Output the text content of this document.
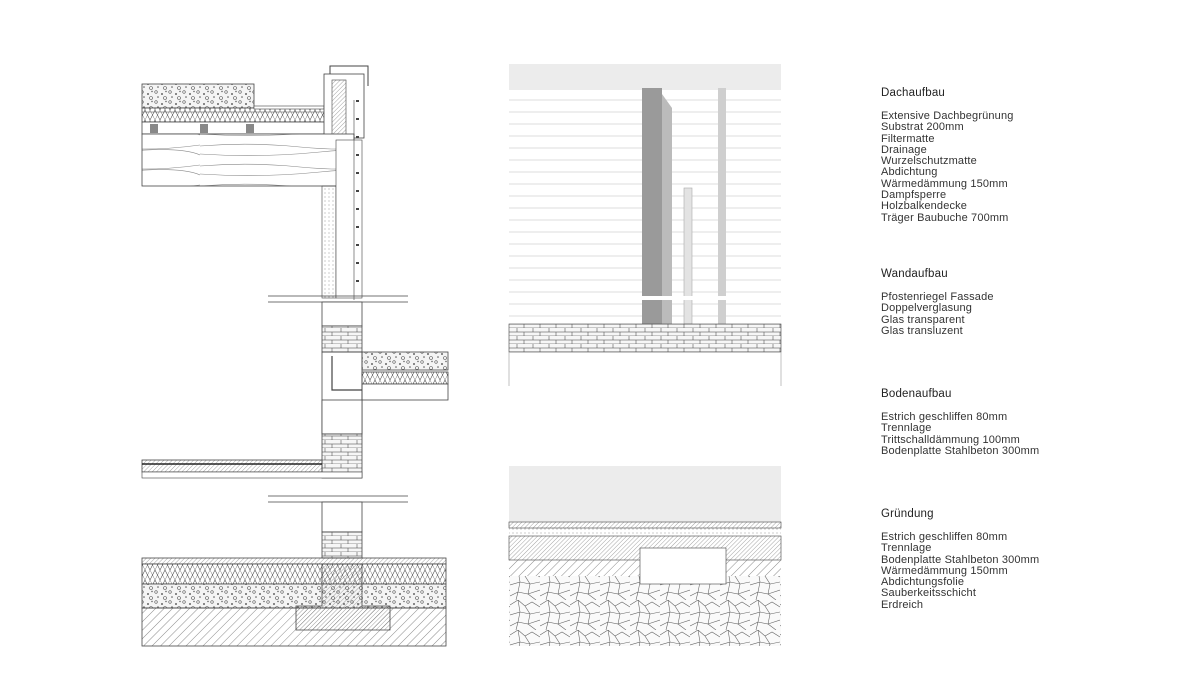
Dachaufbau
Extensive Dachbegrünung
Substrat 200mm
Filtermatte
Drainage
Wurzelschutzmatte
Abdichtung
Wärmedämmung 150mm
Dampfsperre
Holzbalkendecke
Träger Baubuche 700mm
Wandaufbau
Pfostenriegel Fassade
Doppelverglasung
Glas transparent
Glas transluzent
Bodenaufbau
Estrich geschliffen 80mm
Trennlage
Trittschalldämmung 100mm
Bodenplatte Stahlbeton 300mm
Gründung
Estrich geschliffen 80mm
Trennlage
Bodenplatte Stahlbeton 300mm
Wärmedämmung 150mm
Abdichtungsfolie
Sauberkeitsschicht
Erdreich
